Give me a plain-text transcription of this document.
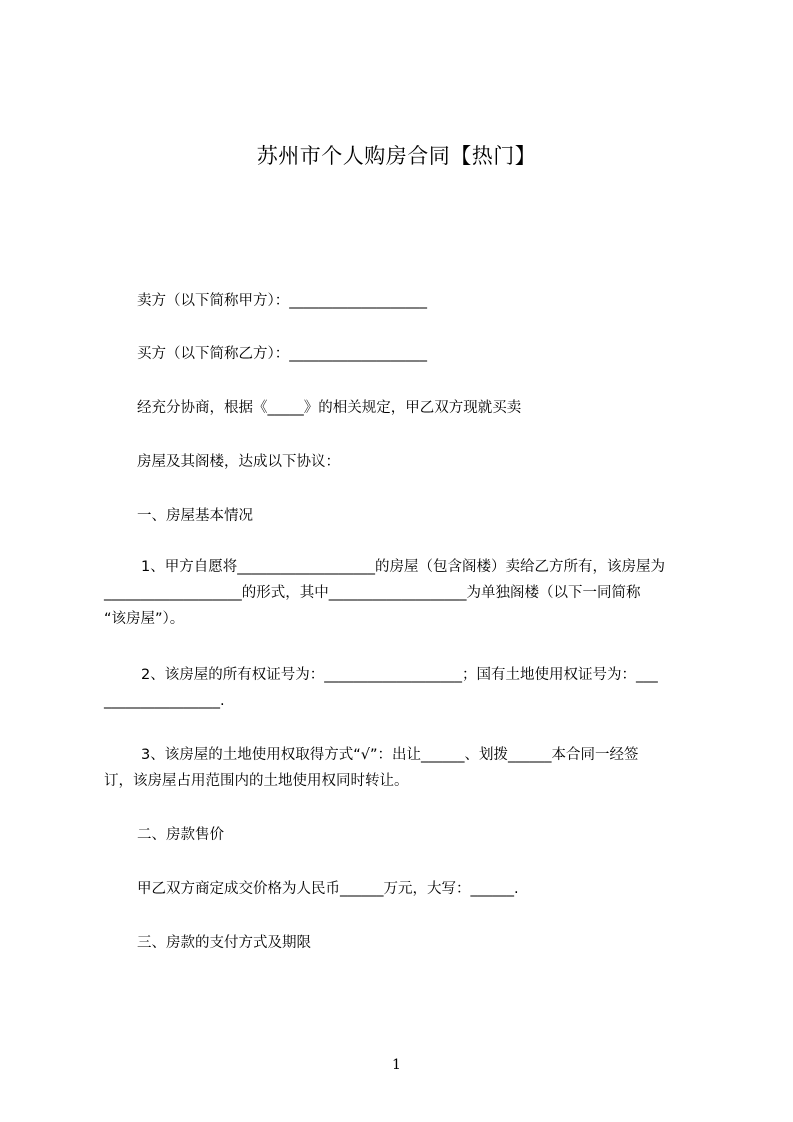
苏州市个人购房合同【热门】
卖方（以下简称甲方）：___________________
买方（以下简称乙方）：___________________
经充分协商，根据《_____》的相关规定，甲乙双方现就买卖
房屋及其阁楼，达成以下协议：
一、房屋基本情况
1、甲方自愿将___________________的房屋（包含阁楼）卖给乙方所有，该房屋为
___________________的形式，其中___________________为单独阁楼（以下一同简称
“该房屋”）。
2、该房屋的所有权证号为：___________________；国有土地使用权证号为：___
________________.
3、该房屋的土地使用权取得方式“√”：出让______、划拨______本合同一经签
订，该房屋占用范围内的土地使用权同时转让。
二、房款售价
甲乙双方商定成交价格为人民币______万元，大写：______.
三、房款的支付方式及期限
1
